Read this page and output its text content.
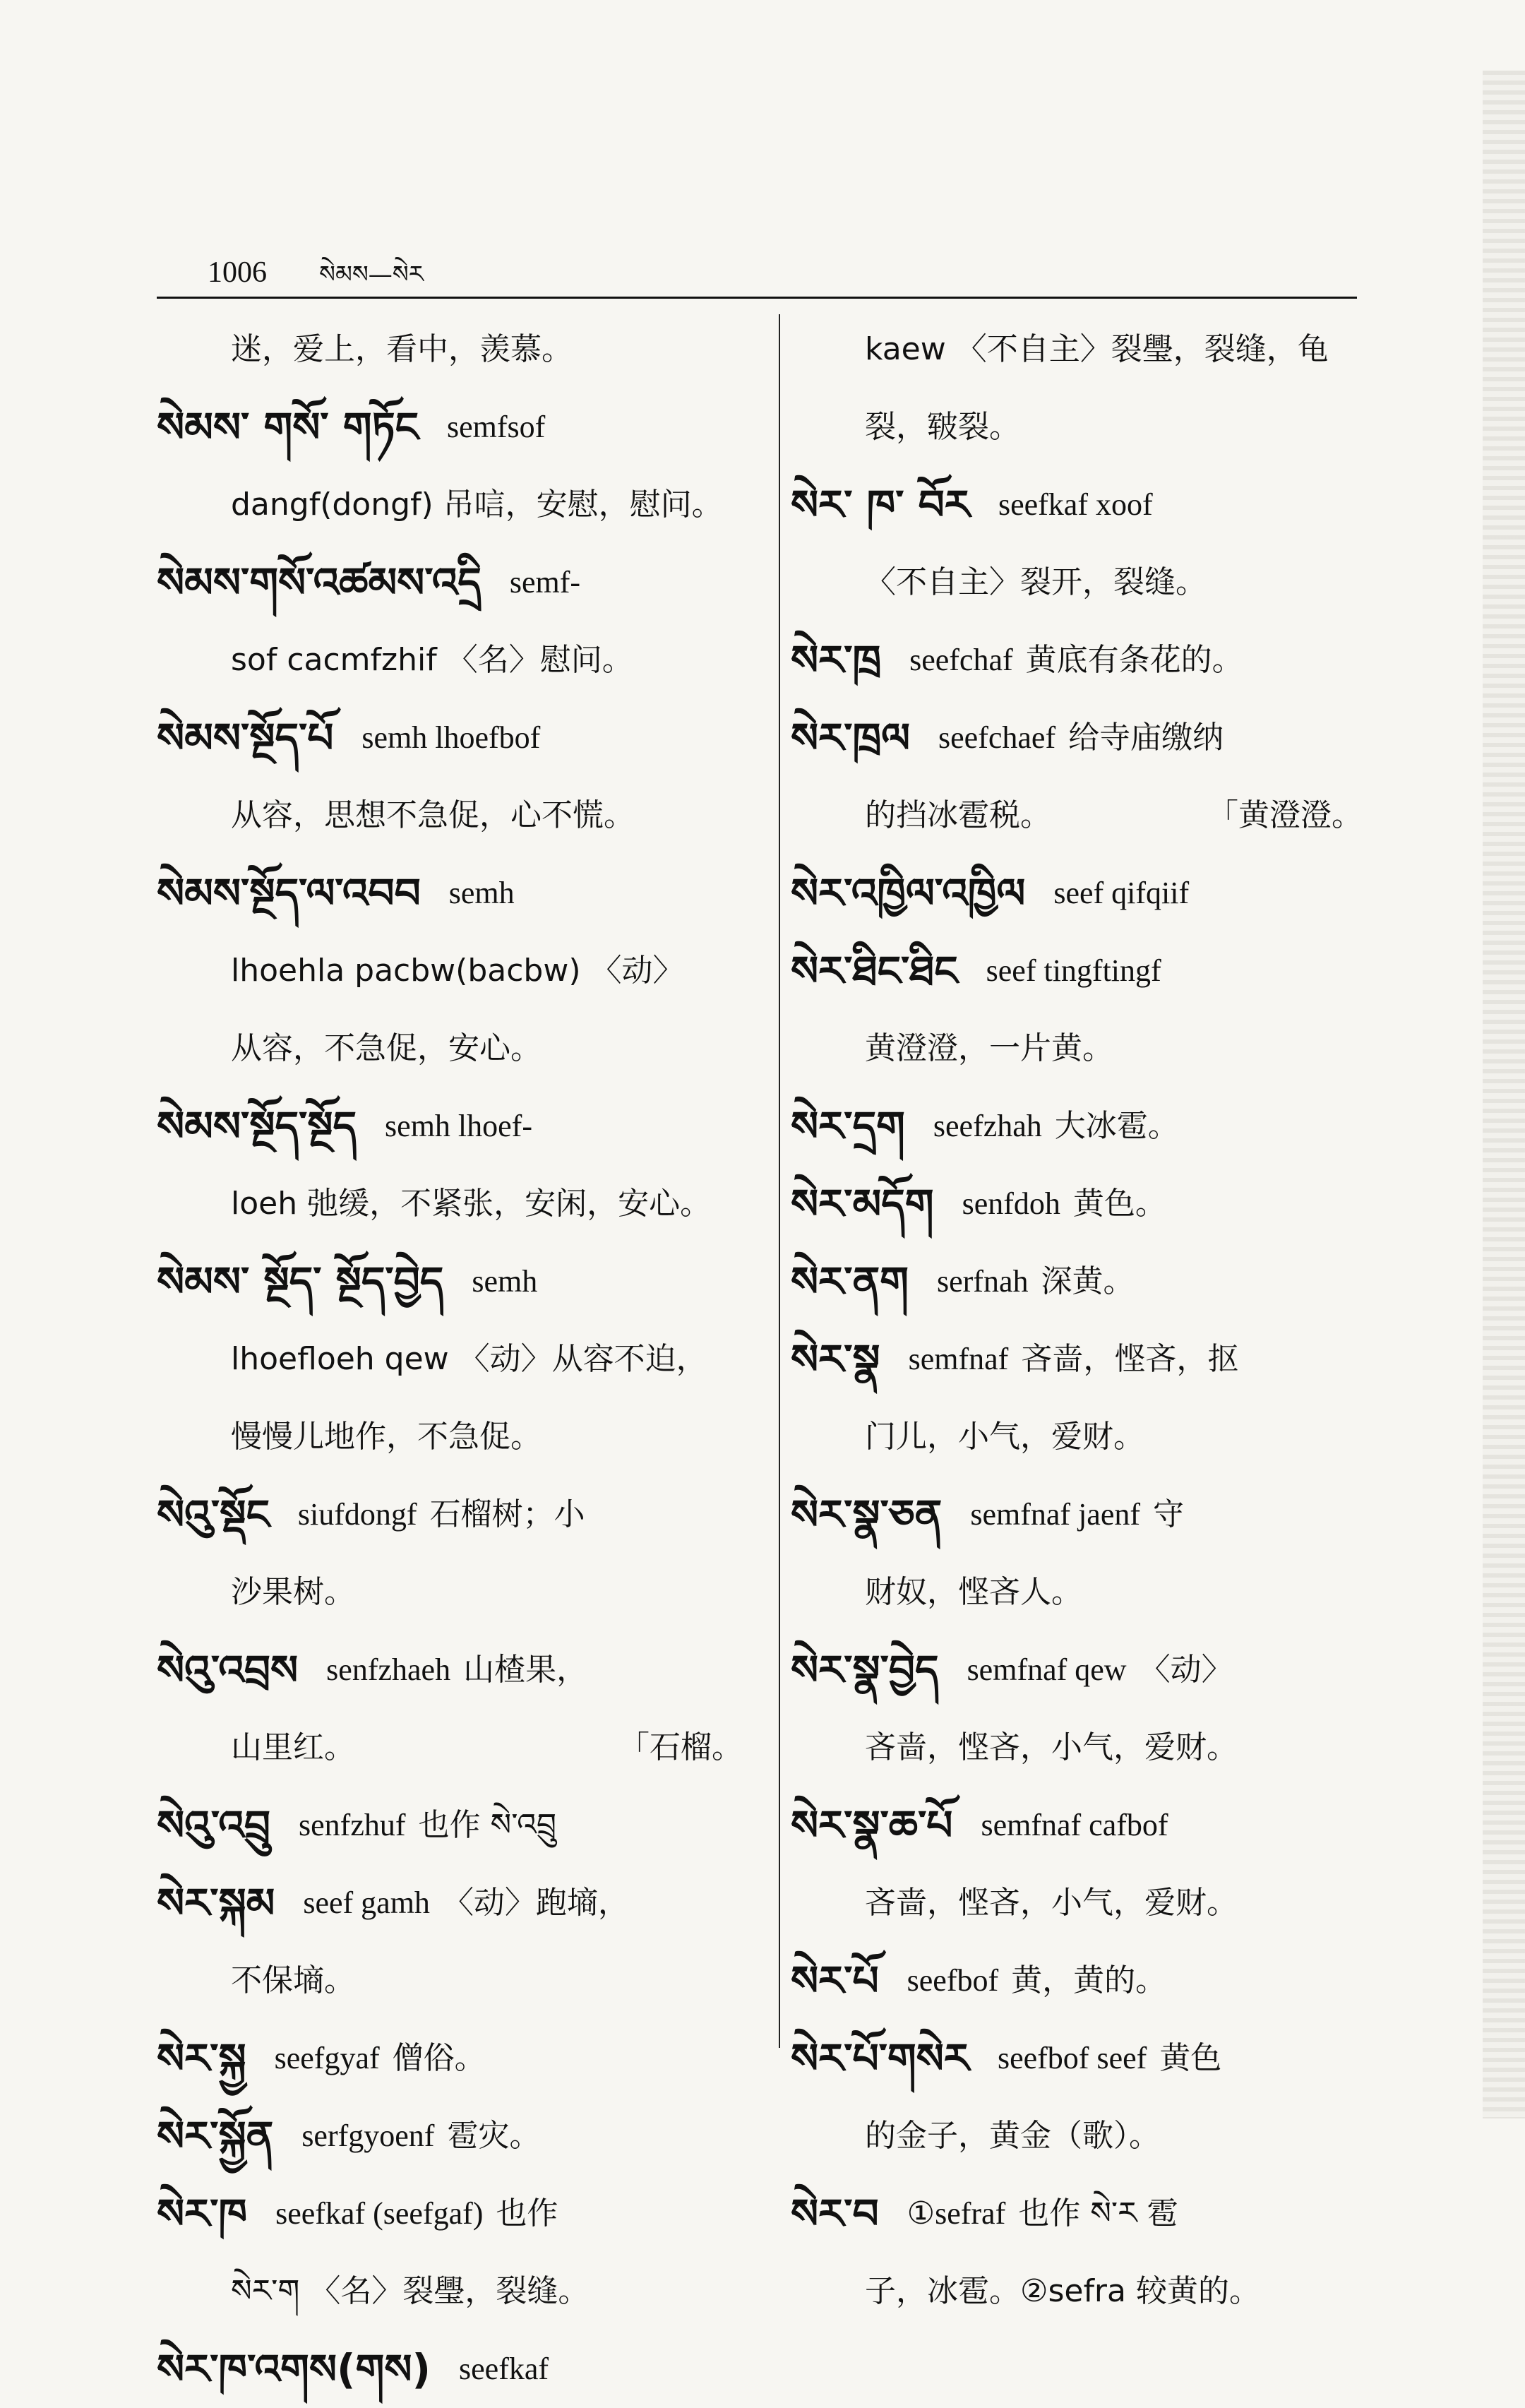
1006 སེམས—སེར
迷，爱上，看中，羡慕。
སེམས་ གསོ་ གཏོང semfsof
dangf(dongf) 吊唁，安慰，慰问。
སེམས་གསོ་འཚམས་འདྲི semf-
sof cacmfzhif 〈名〉慰问。
སེམས་སྔོད་པོ semh lhoefbof
从容，思想不急促，心不慌。
སེམས་སྔོད་ལ་འབབ semh
lhoehla pacbw(bacbw) 〈动〉
从容，不急促，安心。
སེམས་སྔོད་སྔོད semh lhoef-
loeh 弛缓，不紧张，安闲，安心。
སེམས་ སྔོད་ སྔོད་བྱེད semh
lhoefloeh qew 〈动〉从容不迫，
慢慢儿地作，不急促。
སེའུ་སྡོང siufdongf 石榴树；小
沙果树。
སེའུ་འབྲས senfzhaeh 山楂果，
山里红。	「石榴。
སེའུ་འབྲུ senfzhuf 也作 སེ་འབྲུ
སེར་སྐམ seef gamh 〈动〉跑墒，
不保墒。
སེར་སྐྱ seefgyaf 僧俗。
སེར་སྐྱོན serfgyoenf 雹灾。
སེར་ཁ seefkaf (seefgaf) 也作
སེར་ག 〈名〉裂璺，裂缝。
སེར་ཁ་འགས(གས) seefkaf
kaew 〈不自主〉裂璺，裂缝，龟
裂，皲裂。
སེར་ ཁ་ བོར seefkaf xoof
〈不自主〉裂开，裂缝。
སེར་ཁྲ seefchaf 黄底有条花的。
སེར་ཁྲལ seefchaef 给寺庙缴纳
的挡冰雹税。	「黄澄澄。
སེར་འཁྱིལ་འཁྱིལ seef qifqiif
སེར་ཐིང་ཐིང seef tingftingf
黄澄澄，一片黄。
སེར་དྲག seefzhah 大冰雹。
སེར་མདོག senfdoh 黄色。
སེར་ནག serfnah 深黄。
སེར་སྣ semfnaf 吝啬，悭吝，抠
门儿，小气，爱财。
སེར་སྣ་ཅན semfnaf jaenf 守
财奴，悭吝人。
སེར་སྣ་བྱེད semfnaf qew 〈动〉
吝啬，悭吝，小气，爱财。
སེར་སྣ་ཆ་པོ semfnaf cafbof
吝啬，悭吝，小气，爱财。
སེར་པོ seefbof 黄，黄的。
སེར་པོ་གསེར seefbof seef 黄色
的金子，黄金（歌）。
སེར་བ ①sefraf 也作 སེ་ར 雹
子，冰雹。②sefra 较黄的。
